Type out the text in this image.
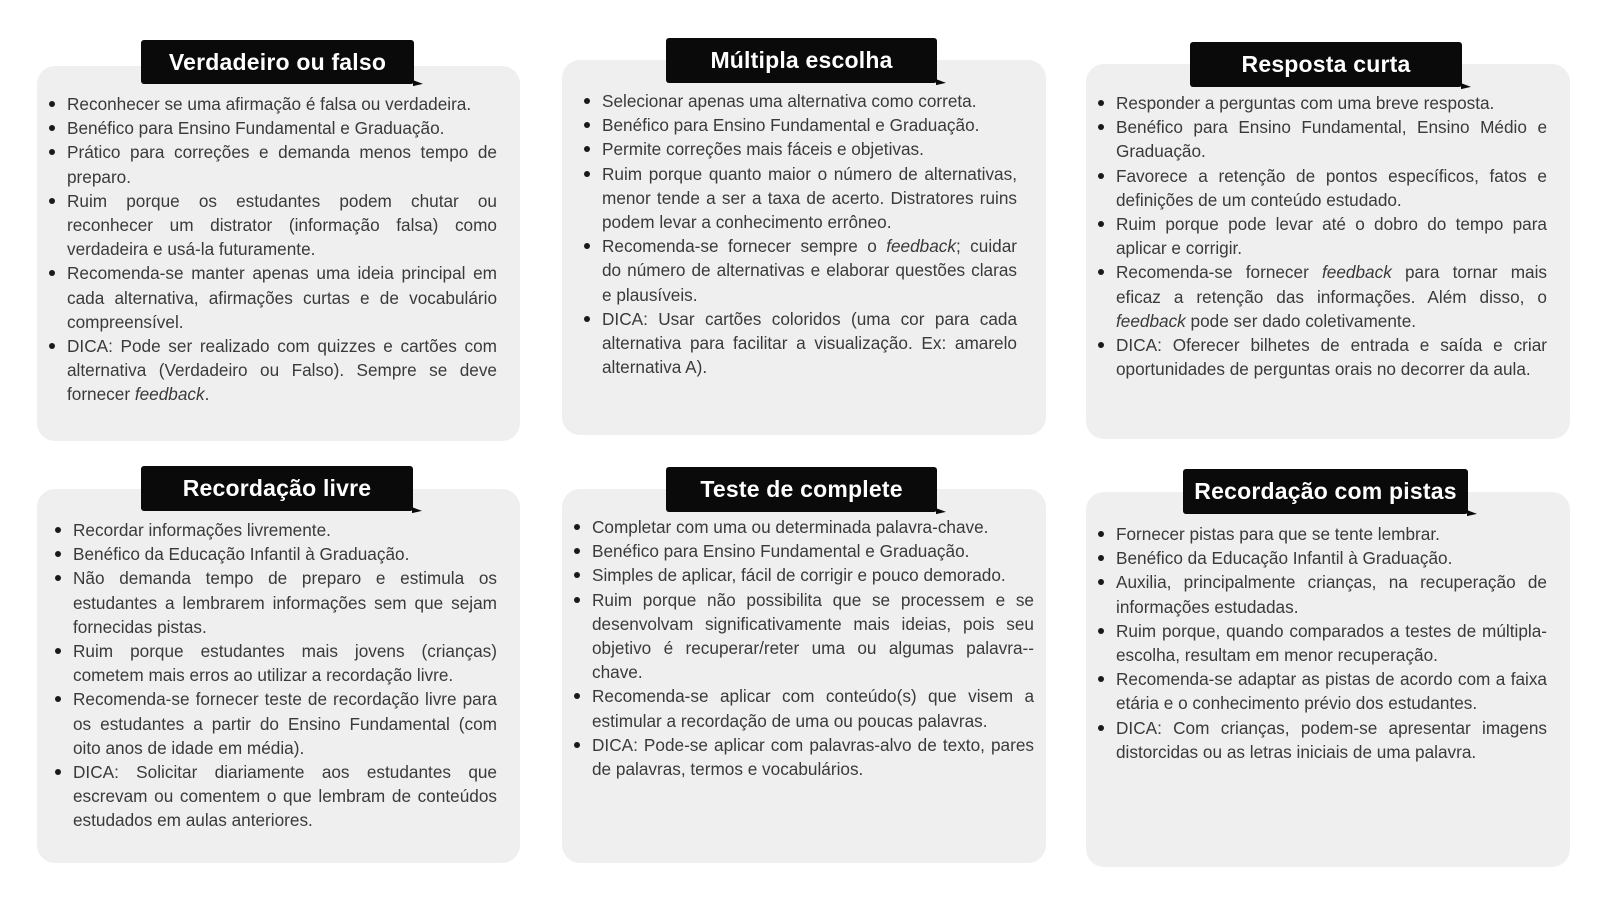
Verdadeiro ou falso
Reconhecer se uma afirmação é falsa ou verdadeira.
Benéfico para Ensino Fundamental e Graduação.
Prático para correções e demanda menos tempo de preparo.
Ruim porque os estudantes podem chutar ou reconhecer um distrator (informação falsa) como verdadeira e usá-la futuramente.
Recomenda-se manter apenas uma ideia principal em cada alternativa, afirmações curtas e de vocabulário compreensível.
DICA: Pode ser realizado com quizzes e cartões com alternativa (Verdadeiro ou Falso). Sempre se deve fornecer feedback.
Múltipla escolha
Selecionar apenas uma alternativa como correta.
Benéfico para Ensino Fundamental e Graduação.
Permite correções mais fáceis e objetivas.
Ruim porque quanto maior o número de alternativas, menor tende a ser a taxa de acerto. Distratores ruins podem levar a conhecimento errôneo.
Recomenda-se fornecer sempre o feedback; cuidar do número de alternativas e elaborar questões claras e plausíveis.
DICA: Usar cartões coloridos (uma cor para cada alternativa para facilitar a visualização. Ex: amarelo alternativa A).
Resposta curta
Responder a perguntas com uma breve resposta.
Benéfico para Ensino Fundamental, Ensino Médio e Graduação.
Favorece a retenção de pontos específicos, fatos e definições de um conteúdo estudado.
Ruim porque pode levar até o dobro do tempo para aplicar e corrigir.
Recomenda-se fornecer feedback para tornar mais eficaz a retenção das informações. Além disso, o feedback pode ser dado coletivamente.
DICA: Oferecer bilhetes de entrada e saída e criar oportunidades de perguntas orais no decorrer da aula.
Recordação livre
Recordar informações livremente.
Benéfico da Educação Infantil à Graduação.
Não demanda tempo de preparo e estimula os estudantes a lembrarem informações sem que sejam fornecidas pistas.
Ruim porque estudantes mais jovens (crianças) cometem mais erros ao utilizar a recordação livre.
Recomenda-se fornecer teste de recordação livre para os estudantes a partir do Ensino Fundamental (com oito anos de idade em média).
DICA: Solicitar diariamente aos estudantes que escrevam ou comentem o que lembram de conteúdos estudados em aulas anteriores.
Teste de complete
Completar com uma ou determinada palavra-chave.
Benéfico para Ensino Fundamental e Graduação.
Simples de aplicar, fácil de corrigir e pouco demorado.
Ruim porque não possibilita que se processem e se desenvolvam significativamente mais ideias, pois seu objetivo é recuperar/reter uma ou algumas palavra--chave.
Recomenda-se aplicar com conteúdo(s) que visem a estimular a recordação de uma ou poucas palavras.
DICA: Pode-se aplicar com palavras-alvo de texto, pares de palavras, termos e vocabulários.
Recordação com pistas
Fornecer pistas para que se tente lembrar.
Benéfico da Educação Infantil à Graduação.
Auxilia, principalmente crianças, na recuperação de informações estudadas.
Ruim porque, quando comparados a testes de múltipla-escolha, resultam em menor recuperação.
Recomenda-se adaptar as pistas de acordo com a faixa etária e o conhecimento prévio dos estudantes.
DICA: Com crianças, podem-se apresentar imagens distorcidas ou as letras iniciais de uma palavra.
